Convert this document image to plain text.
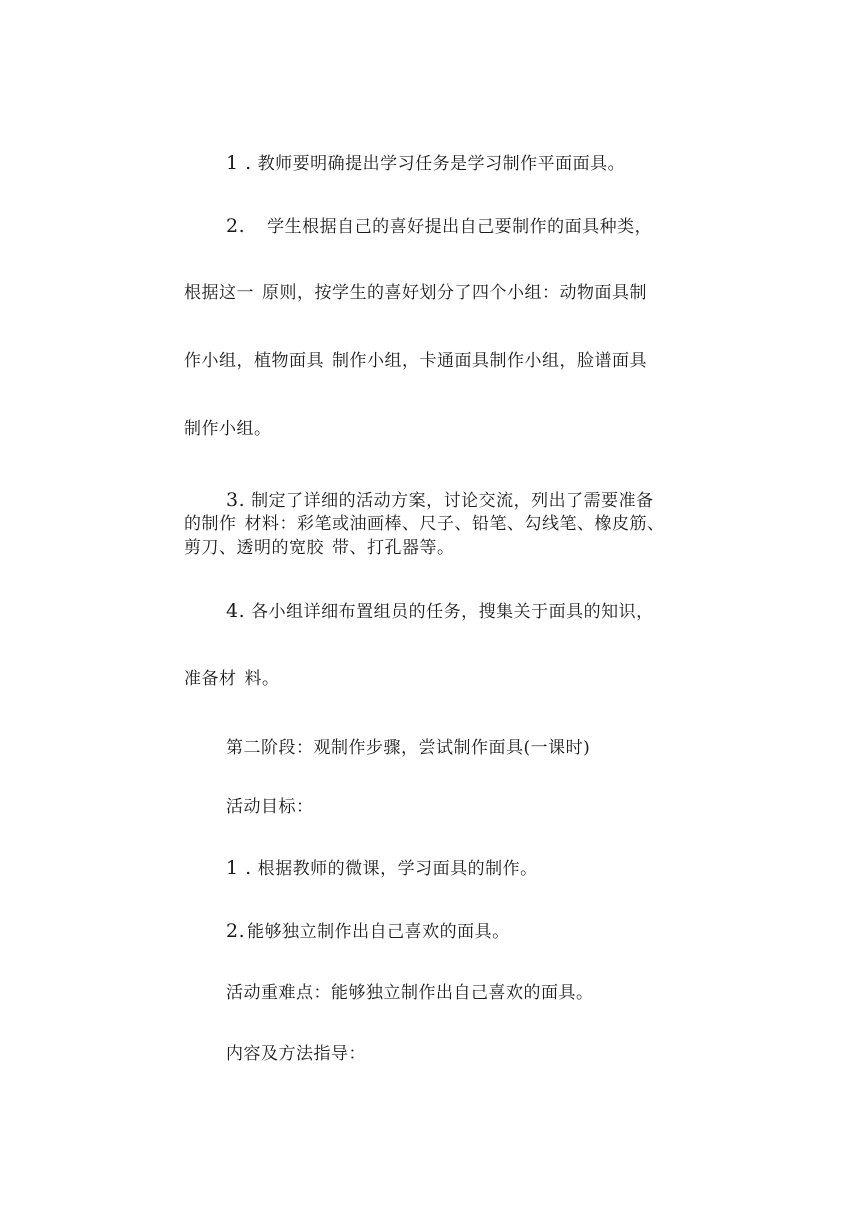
1 . 教师要明确提出学习任务是学习制作平面面具。
2. 学生根据自己的喜好提出自己要制作的面具种类，
根据这一 原则，按学生的喜好划分了四个小组：动物面具制
作小组，植物面具 制作小组，卡通面具制作小组，脸谱面具
制作小组。
3. 制定了详细的活动方案，讨论交流，列出了需要准备
的制作 材料：彩笔或油画棒、尺子、铅笔、勾线笔、橡皮筋、
剪刀、透明的宽胶 带、打孔器等。
4. 各小组详细布置组员的任务，搜集关于面具的知识，
准备材 料。
第二阶段：观制作步骤，尝试制作面具(一课时)
活动目标：
1 . 根据教师的微课，学习面具的制作。
2. 能够独立制作出自己喜欢的面具。
活动重难点：能够独立制作出自己喜欢的面具。
内容及方法指导：
